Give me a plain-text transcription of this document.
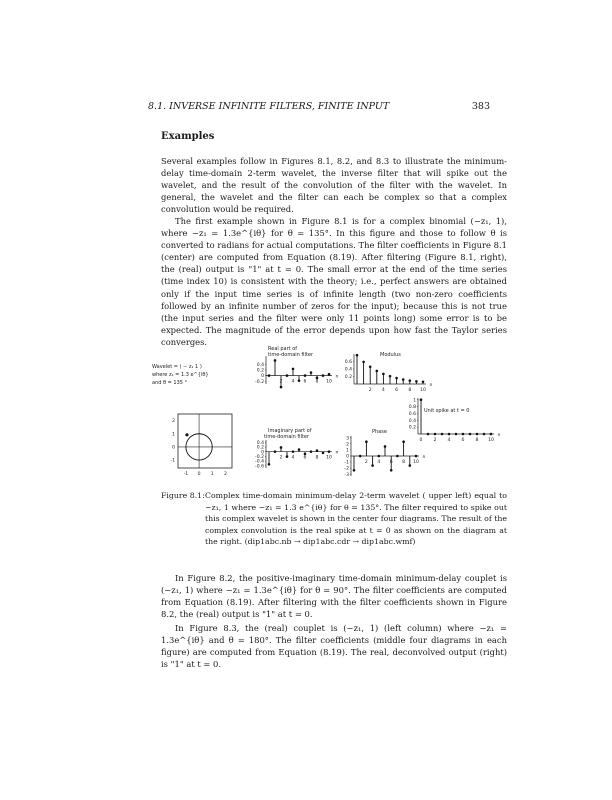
8.1. INVERSE INFINITE FILTERS, FINITE INPUT	383
Examples

Several examples follow in Figures 8.1, 8.2, and 8.3 to illustrate the minimum-delay time-domain 2-term wavelet, the inverse filter that will spike out the wavelet, and the result of the convolution of the filter with the wavelet. In general, the wavelet and the filter can each be complex so that a complex convolution would be required.

The first example shown in Figure 8.1 is for a complex binomial (−z₁, 1), where −z₁ = 1.3e^{iθ} for θ = 135°. In this figure and those to follow θ is converted to radians for actual computations. The filter coefficients in Figure 8.1 (center) are computed from Equation (8.19). After filtering (Figure 8.1, right), the (real) output is "1" at t = 0. The small error at the end of the time series (time index 10) is consistent with the theory; i.e., perfect answers are obtained only if the input time series is of infinite length (two non-zero coefficients followed by an infinite number of zeros for the input); because this is not true (the input series and the filter were only 11 points long) some error is to be expected. The magnitude of the error depends upon how fast the Taylor series converges.

0.4
0.2
0
-0.2	2 4 6 8 10
n
0.6
0.4
0.2
2 4 6 8 10
n
1
0.8
0.6
0.4
0.2
0 2 4 6 8 10
n
0.4
0.2
0
-0.2
-0.4
-0.6
2 4 6 8 10
n
3
2
1
0
-1
-2
-3
2 4 6 8 10
n
2
1
0
-1
-1 0 1 2
Wavelet = ( − z₁ 1 )
where z₁ = 1.3 e^{iθ}
and θ = 135 °
Real part of
time-domain filter	Modulus
Unit spike at t = 0
Imaginary part of
time-domain filter
Phase
Figure 8.1: Complex time-domain minimum-delay 2-term wavelet ( upper left) equal to −z₁, 1 where −z₁ = 1.3 e^{iθ} for θ = 135°. The filter required to spike out this complex wavelet is shown in the center four diagrams. The result of the complex convolution is the real spike at t = 0 as shown on the diagram at the right. (dip1abc.nb → dip1abc.cdr → dip1abc.wmf)

In Figure 8.2, the positive-imaginary time-domain minimum-delay couplet is (−z₁, 1) where −z₁ = 1.3e^{iθ} for θ = 90°. The filter coefficients are computed from Equation (8.19). After filtering with the filter coefficients shown in Figure 8.2, the (real) output is "1" at t = 0.

In Figure 8.3, the (real) couplet is (−z₁, 1) (left column) where −z₁ = 1.3e^{iθ} and θ = 180°. The filter coefficients (middle four diagrams in each figure) are computed from Equation (8.19). The real, deconvolved output (right) is "1" at t = 0.
